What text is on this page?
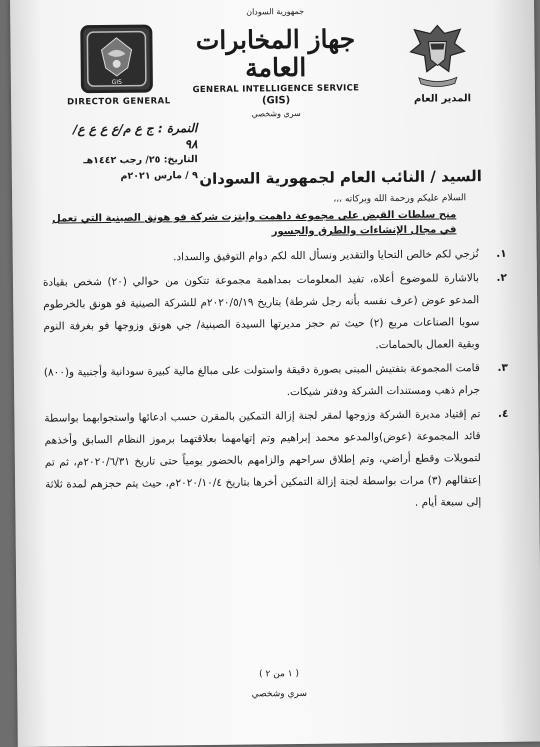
GIS
DIRECTOR GENERAL
جمهورية السودان
جهاز المخابرات العامة
GENERAL INTELLIGENCE SERVICE
(GIS)
سري وشخصي
المدير العام
النمرة : ج ع م/ع ع ع ع/ ٩٨
التاريخ: ٢٥/ رجب ١٤٤٢هـ
٩ / مارس ٢٠٢١م السيد / النائب العام لجمهورية السودان
السلام عليكم ورحمة الله وبركاته ،،،
منح سلطات القبض على مجموعة داهمت وابتزت شركة فو هونق الصينية التي تعمل في مجال الإنشاءات والطرق والجسور
١.
نُزجي لكم خالص التحايا والتقدير ونسأل الله لكم دوام التوفيق والسداد.
٢.
بالاشارة للموضوع أعلاه، تفيد المعلومات بمداهمة مجموعة تتكون من حوالي (٢٠) شخص بقيادة المدعو عوض (عرف نفسه بأنه رجل شرطة) بتاريخ ٢٠٢٠/٥/١٩م للشركة الصينية فو هونق بالخرطوم سوبا الصناعات مربع (٢) حيث تم حجز مديرتها السيدة الصينية/ جي هونق وزوجها فو بغرفة النوم وبقية العمال بالحمامات.
٣.
قامت المجموعة بتفتيش المبنى بصورة دقيقة واستولت على مبالغ مالية كبيرة سودانية وأجنبية و(٨٠٠) جرام ذهب ومستندات الشركة ودفتر شيكات.
٤.
تم إقتياد مديرة الشركة وزوجها لمقر لجنة إزالة التمكين بالمقرن حسب ادعائها واستجوابهما بواسطة قائد المجموعة (عوض)والمدعو محمد إبراهيم وتم إتهامهما بعلاقتهما برموز النظام السابق وأخذهم لتمويلات وقطع أراضي، وتم إطلاق سراحهم والزامهم بالحضور يومياً حتى تاريخ ٢٠٢٠/٦/٣١م، ثم تم إعتقالهم (٣) مرات بواسطة لجنة إزالة التمكين أخرها بتاريخ ٢٠٢٠/١٠/٤م، حيث يتم حجزهم لمدة ثلاثة إلى سبعة أيام .
( ١ من ٢ )
سري وشخصي
